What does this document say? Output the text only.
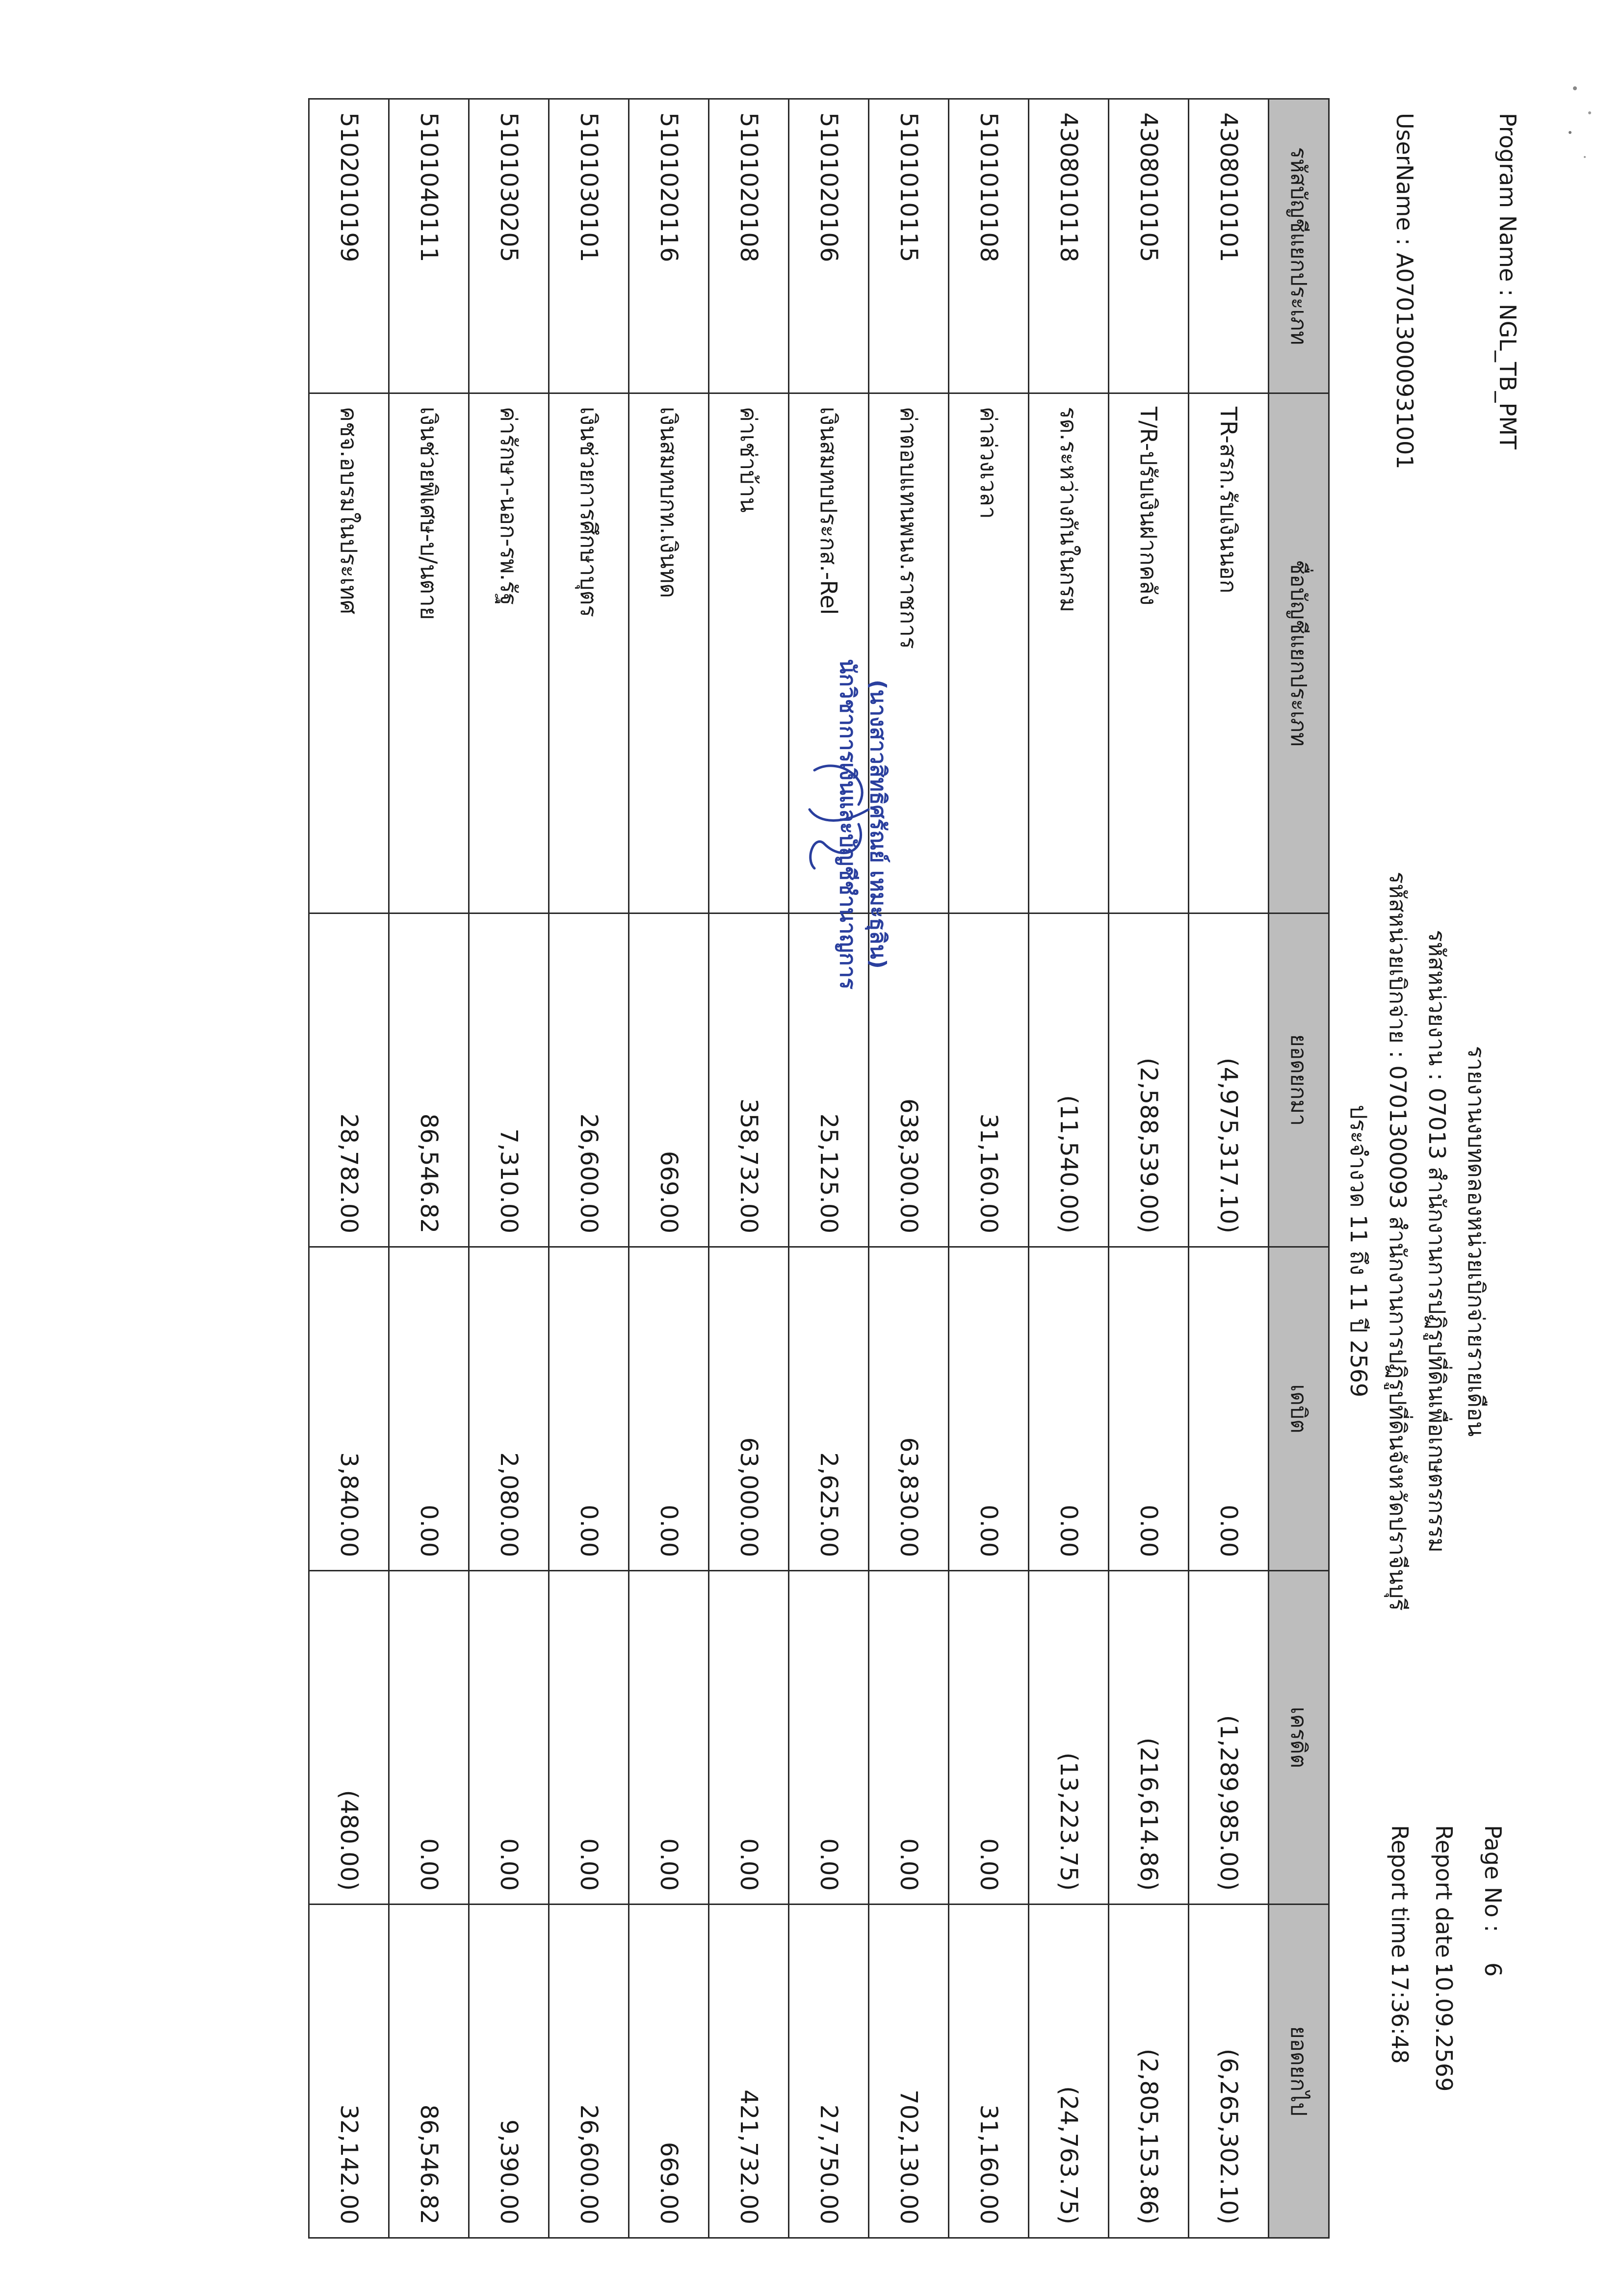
รายงานงบทดลองหน่วยเบิกจ่ายรายเดือน
รหัสหน่วยงาน : 07013 สำนักงานการปฏิรูปที่ดินเพื่อเกษตรกรรม
รหัสหน่วยเบิกจ่าย : 0701300093 สำนักงานการปฏิรูปที่ดินจังหวัดปราจีนบุรี
ประจำงวด 11 ถึง 11 ปี 2569
Program Name : NGL_TB_PMT
UserName : A07013000931001
Page No :
6
Report date :
10.09.2569
Report time :
17:36:48
รหัสบัญชีแยกประเภท	ชื่อบัญชีแยกประเภท	ยอดยกมา	เดบิต	เครดิต	ยอดยกไป
4308010101	TR-สรก.รับเงินนอก	(4,975,317.10)	0.00	(1,289,985.00)	(6,265,302.10)
4308010105	T/R-ปรับเงินฝากคลัง	(2,588,539.00)	0.00	(216,614.86)	(2,805,153.86)
4308010118	รด.ระหว่างกันในกรม	(11,540.00)	0.00	(13,223.75)	(24,763.75)
5101010108	ค่าล่วงเวลา	31,160.00	0.00	0.00	31,160.00
5101010115	ค่าตอบแทนพนง.ราชการ	638,300.00	63,830.00	0.00	702,130.00
5101020106	เงินสมทบประกส.-Rel	25,125.00	2,625.00	0.00	27,750.00
5101020108	ค่าเช่าบ้าน	358,732.00	63,000.00	0.00	421,732.00
5101020116	เงินสมทบกท.เงินทด	669.00	0.00	0.00	669.00
5101030101	เงินช่วยการศึกษาบุตร	26,600.00	0.00	0.00	26,600.00
5101030205	ค่ารักษา-นอก-รพ.รัฐ	7,310.00	2,080.00	0.00	9,390.00
5101040111	เงินช่วยพิเศษ-บ/นตาย	86,546.82	0.00	0.00	86,546.82
5102010199	คชจ.อบรมในประเทศ	28,782.00	3,840.00	(480.00)	32,142.00
(นางสาวสิทธิศรัณย์ เหมะธุลิน)
นักวิชาการเงินและบัญชีชำนาญการ
